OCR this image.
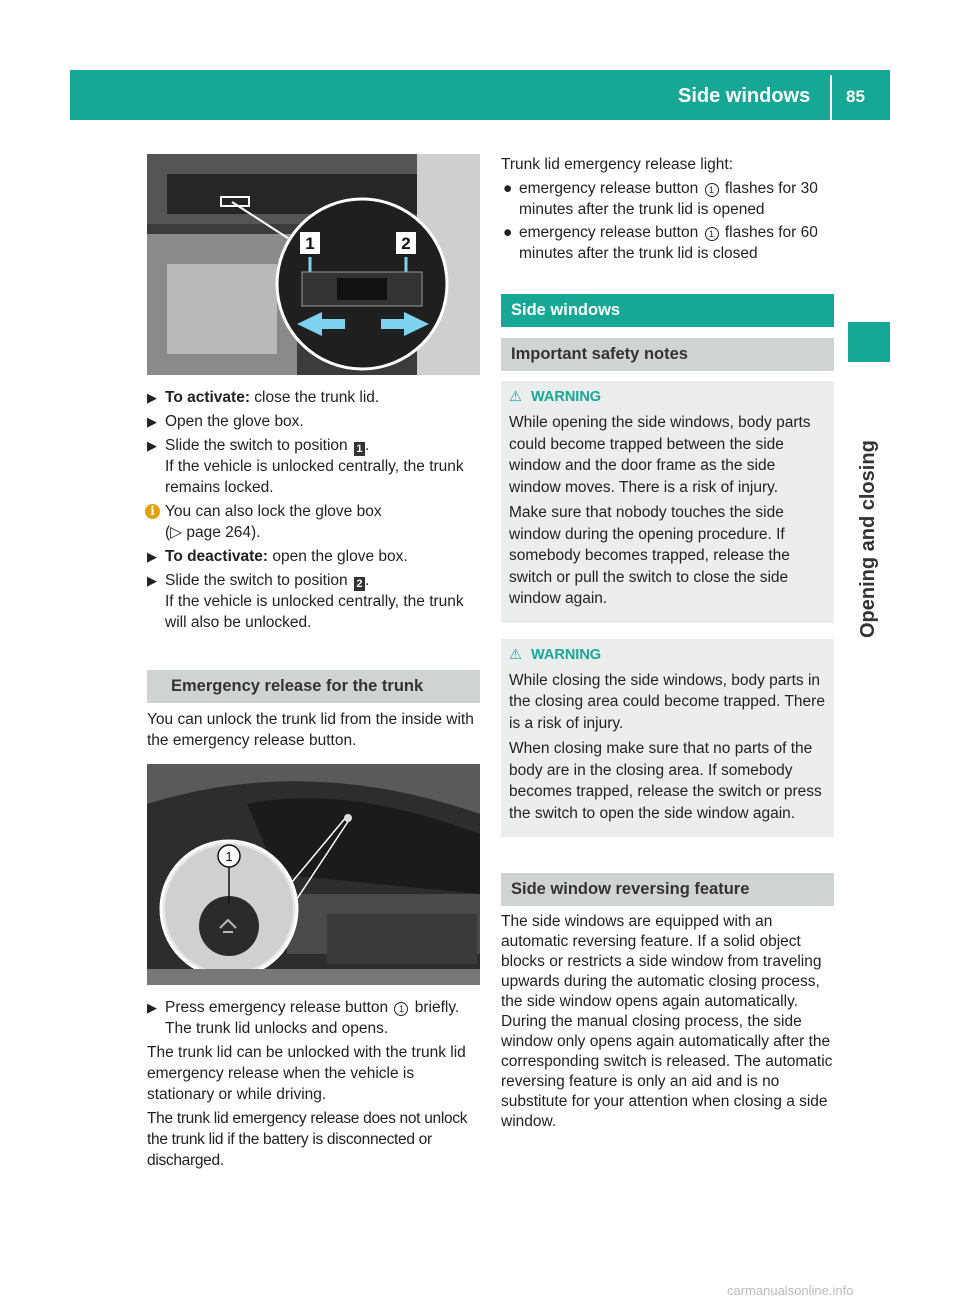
Side windows 85
Opening and closing
1	2
▶ To activate: close the trunk lid.
▶ Open the glove box.
▶ Slide the switch to position 1 .
If the vehicle is unlocked centrally, the trunk remains locked.
i You can also lock the glove box
(▷ page 264).
▶ To deactivate: open the glove box.
▶ Slide the switch to position 2 .
If the vehicle is unlocked centrally, the trunk will also be unlocked.
Emergency release for the trunk

You can unlock the trunk lid from the inside with the emergency release button.

1
▶ Press emergency release button 1 briefly.
The trunk lid unlocks and opens.

The trunk lid can be unlocked with the trunk lid emergency release when the vehicle is stationary or while driving.

The trunk lid emergency release does not unlock the trunk lid if the battery is disconnected or discharged.

Trunk lid emergency release light:

● emergency release button 1 flashes for 30 minutes after the trunk lid is opened
● emergency release button 1 flashes for 60 minutes after the trunk lid is closed
Side windows
Important safety notes
⚠ WARNING

While opening the side windows, body parts could become trapped between the side window and the door frame as the side window moves. There is a risk of injury.

Make sure that nobody touches the side window during the opening procedure. If somebody becomes trapped, release the switch or pull the switch to close the side window again.

⚠ WARNING

While closing the side windows, body parts in the closing area could become trapped. There is a risk of injury.

When closing make sure that no parts of the body are in the closing area. If somebody becomes trapped, release the switch or press the switch to open the side window again.

Side window reversing feature

The side windows are equipped with an automatic reversing feature. If a solid object blocks or restricts a side window from traveling upwards during the automatic closing process, the side window opens again automatically. During the manual closing process, the side window only opens again automatically after the corresponding switch is released. The automatic reversing feature is only an aid and is no substitute for your attention when closing a side window.

carmanualsonline.info
